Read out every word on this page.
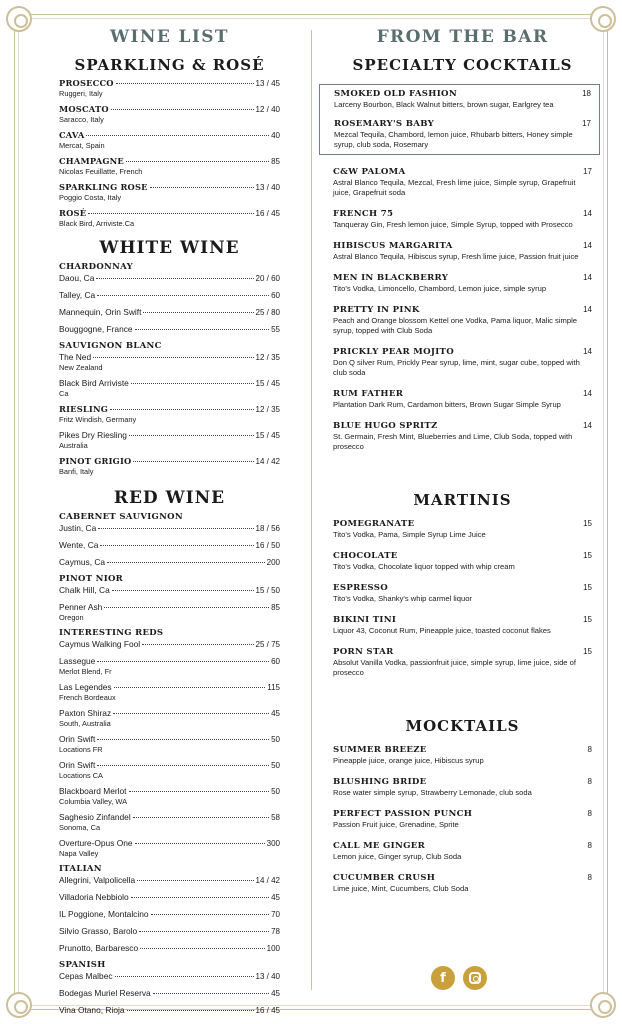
WINE LIST
SPARKLING & ROSÉ
PROSECCO	13 / 45
Ruggeri, Italy
MOSCATO	12 / 40
Saracco, Italy
CAVA	40
Mercat, Spain
CHAMPAGNE	85
Nicolas Feuillatte, French
SPARKLING ROSE	13 / 40
Poggio Costa, Italy
ROSÉ	16 / 45
Black Bird, Arriviste.Ca
WHITE WINE
CHARDONNAY
Daou, Ca	20 / 60
Talley, Ca	60
Mannequin, Orin Swift	25 / 80
Bouggogne, France	55
SAUVIGNON BLANC
The Ned	12 / 35
New Zealand
Black Bird Arriviste	15 / 45
Ca
RIESLING	12 / 35
Fritz Windish, Germany
Pikes Dry Riesling	15 / 45
Australia
PINOT GRIGIO	14 / 42
Banfi, Italy
RED WINE
CABERNET SAUVIGNON
Justin, Ca	18 / 56
Wente, Ca	16 / 50
Caymus, Ca	200
PINOT NIOR
Chalk Hill, Ca	15 / 50
Penner Ash	85
Oregon
INTERESTING REDS
Caymus Walking Fool	25 / 75
Lassegue	60
Merlot Blend, Fr
Las Legendes	115
French Bordeaux
Paxton Shiraz	45
South, Australia
Orin Swift	50
Locations FR
Orin Swift	50
Locations CA
Blackboard Merlot	50
Columbia Valley, WA
Saghesio Zinfandel	58
Sonoma, Ca
Overture-Opus One	300
Napa Valley
ITALIAN
Allegrini, Valpolicella	14 / 42
Villadoria Nebbiolo	45
IL Poggione, Montalcino	70
Silvio Grasso, Barolo	78
Prunotto, Barbaresco	100
SPANISH
Cepas Malbec	13 / 40
Bodegas Muriel Reserva	45
Vina Otano, Rioja	16 / 45
FROM THE BAR
SPECIALTY COCKTAILS
SMOKED OLD FASHION	18
Larceny Bourbon, Black Walnut bitters, brown sugar, Earlgrey tea
ROSEMARY'S BABY	17
Mezcal Tequila, Chambord, lemon juice, Rhubarb bitters, Honey simple syrup, club soda, Rosemary
C&W PALOMA	17
Astral Blanco Tequila, Mezcal, Fresh lime juice, Simple syrup, Grapefruit juice, Grapefruit soda
FRENCH 75	14
Tanqueray Gin, Fresh lemon juice, Simple Syrup, topped with Prosecco
HIBISCUS MARGARITA	14
Astral Blanco Tequila, Hibiscus syrup, Fresh lime juice, Passion fruit juice
MEN IN BLACKBERRY	14
Tito's Vodka, Limoncello, Chambord, Lemon juice, simple syrup
PRETTY IN PINK	14
Peach and Orange blossom Kettel one Vodka, Pama liquor, Malic simple syrup, topped with Club Soda
PRICKLY PEAR MOJITO	14
Don Q silver Rum, Prickly Pear syrup, lime, mint, sugar cube, topped with club soda
RUM FATHER	14
Plantation Dark Rum, Cardamon bitters, Brown Sugar Simple Syrup
BLUE HUGO SPRITZ	14
St. Germain, Fresh Mint, Blueberries and Lime, Club Soda, topped with prosecco
MARTINIS
POMEGRANATE	15
Tito's Vodka, Pama, Simple Syrup Lime Juice
CHOCOLATE	15
Tito's Vodka, Chocolate liquor topped with whip cream
ESPRESSO	15
Tito's Vodka, Shanky's whip carmel liquor
BIKINI TINI	15
Liquor 43, Coconut Rum, Pineapple juice, toasted coconut flakes
PORN STAR	15
Absolut Vanilla Vodka, passionfruit juice, simple syrup, lime juice, side of prosecco
MOCKTAILS
SUMMER BREEZE	8
Pineapple juice, orange juice, Hibiscus syrup
BLUSHING BRIDE	8
Rose water simple syrup, Strawberry Lemonade, club soda
PERFECT PASSION PUNCH	8
Passion Fruit juice, Grenadine, Sprite
CALL ME GINGER	8
Lemon juice, Ginger syrup, Club Soda
CUCUMBER CRUSH	8
Lime juice, Mint, Cucumbers, Club Soda
f
